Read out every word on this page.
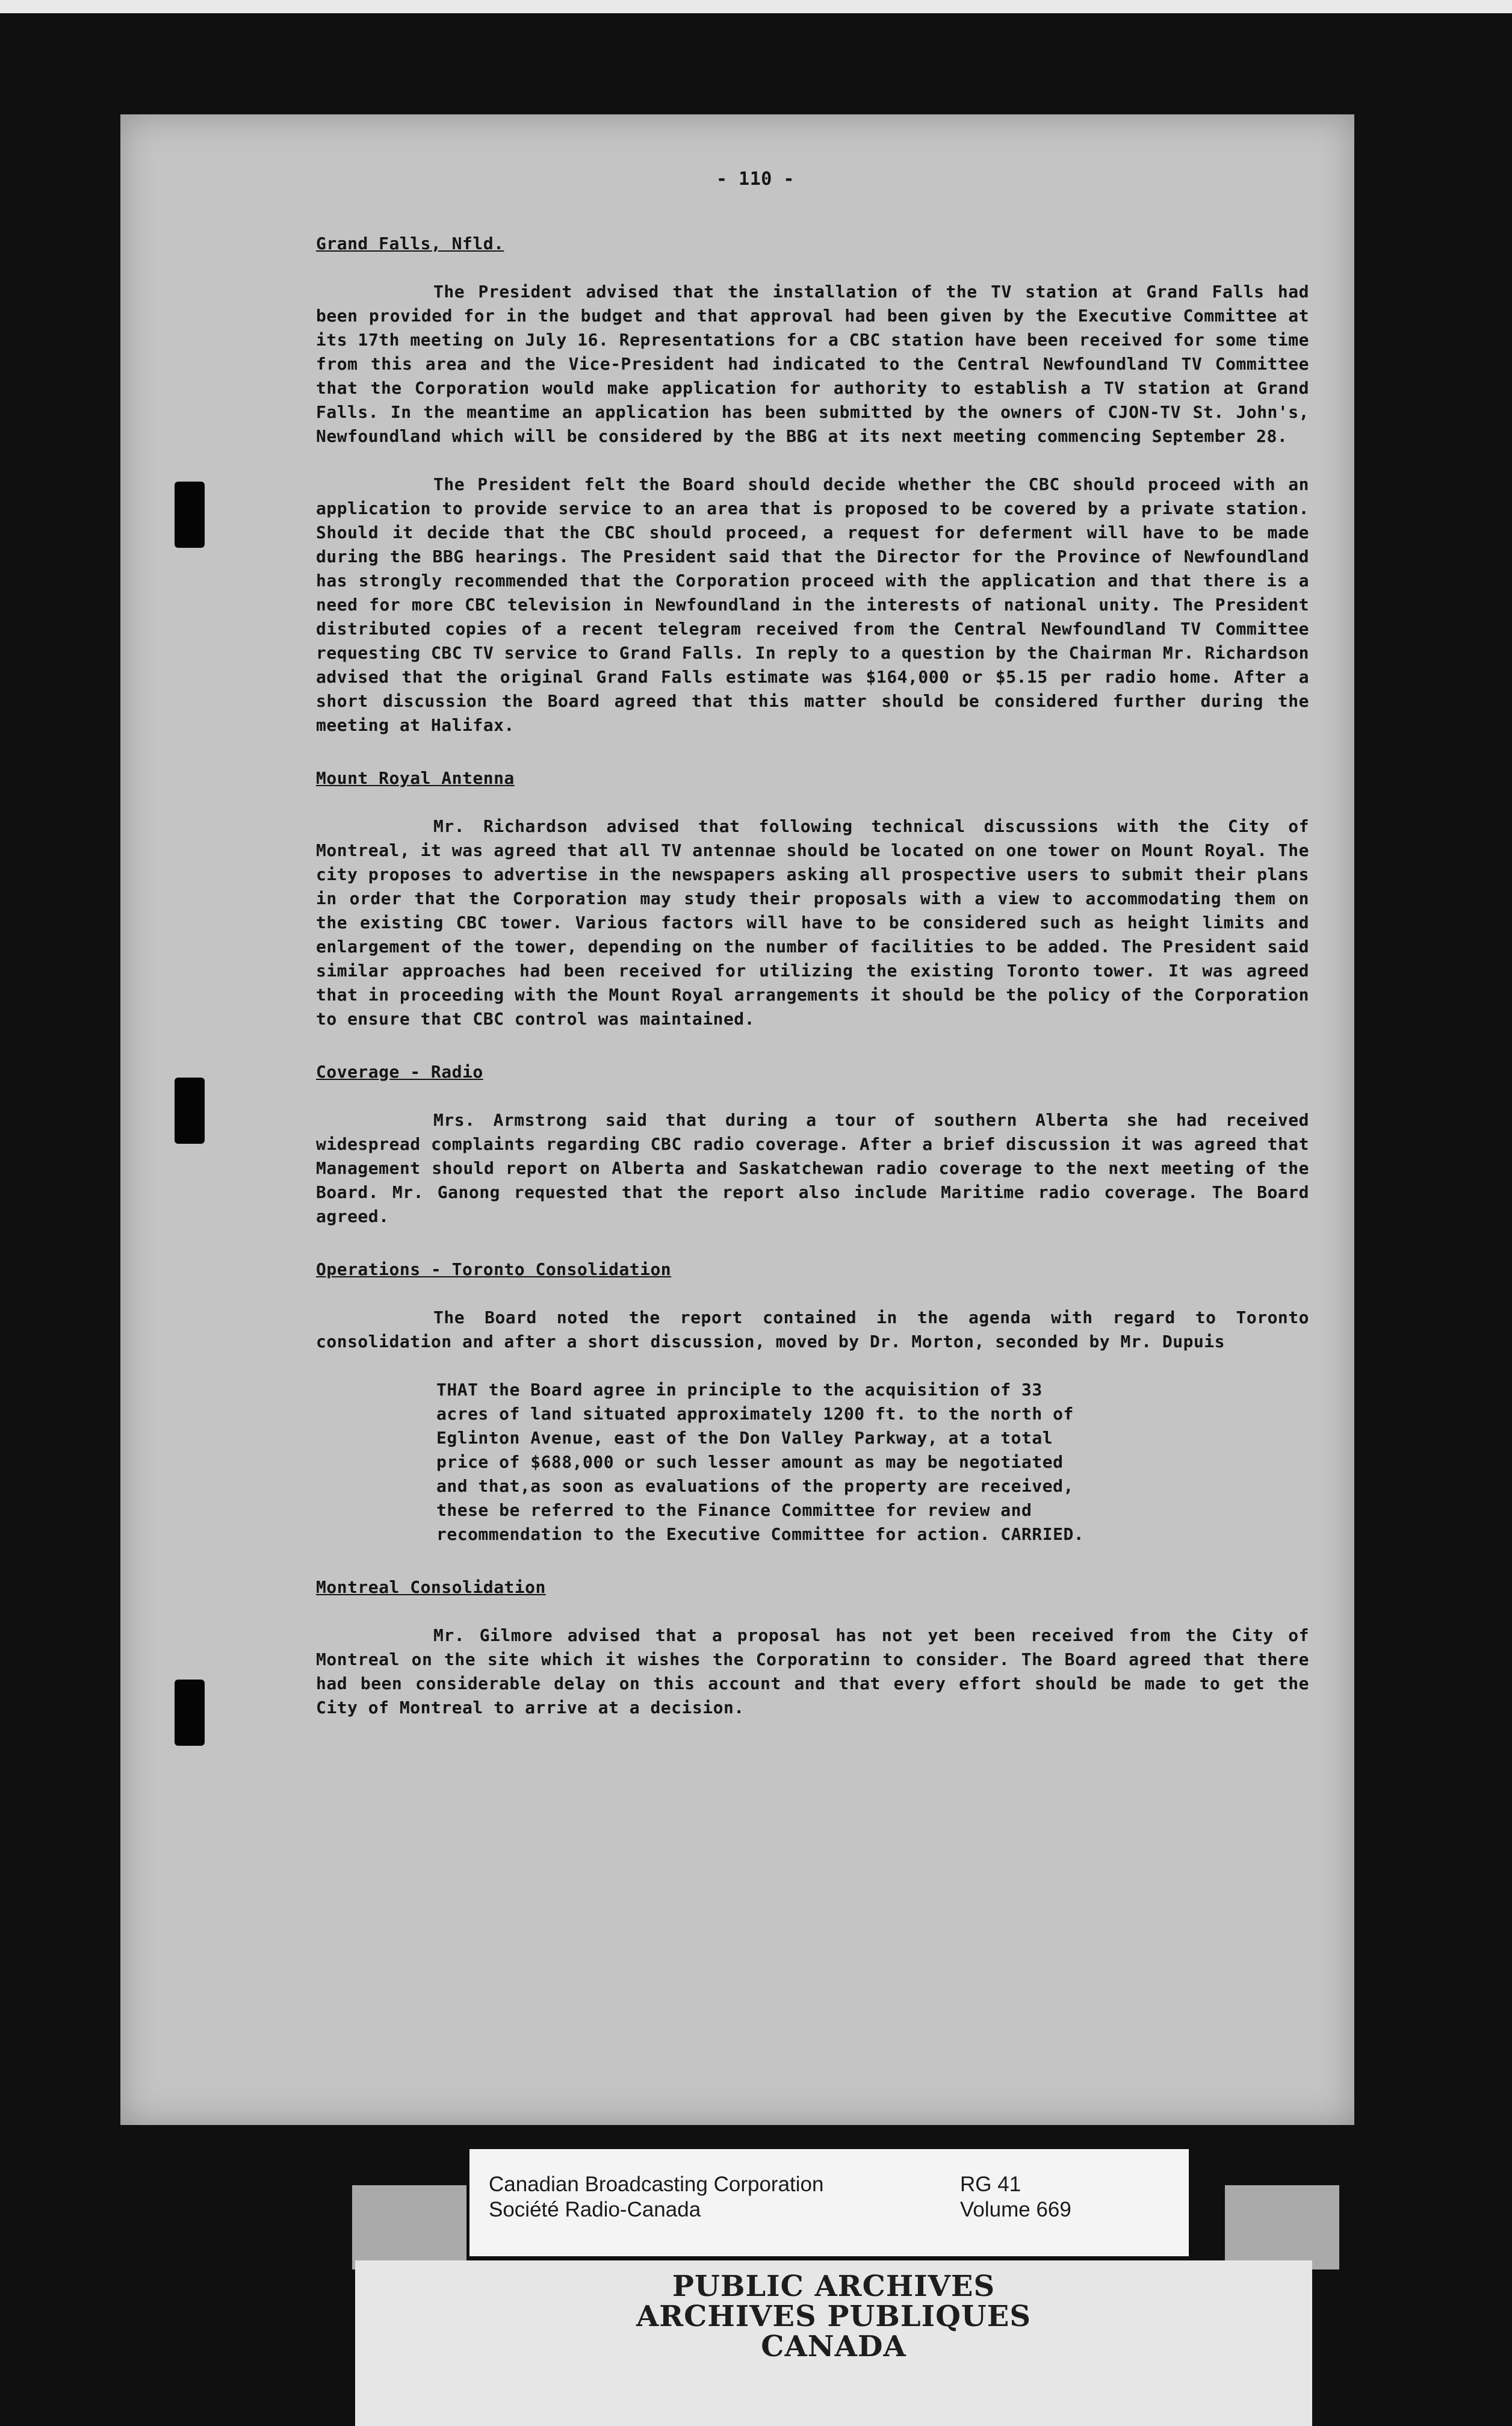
- 110 -
Grand Falls, Nfld.

The President advised that the installation of the TV station at Grand Falls had been provided for in the budget and that approval had been given by the Executive Committee at its 17th meeting on July 16. Representations for a CBC station have been received for some time from this area and the Vice-President had indicated to the Central Newfoundland TV Committee that the Corporation would make application for authority to establish a TV station at Grand Falls. In the meantime an application has been submitted by the owners of CJON-TV St. John's, Newfoundland which will be considered by the BBG at its next meeting commencing September 28.

The President felt the Board should decide whether the CBC should proceed with an application to provide service to an area that is proposed to be covered by a private station. Should it decide that the CBC should proceed, a request for deferment will have to be made during the BBG hearings. The President said that the Director for the Province of Newfoundland has strongly recommended that the Corporation proceed with the application and that there is a need for more CBC television in Newfoundland in the interests of national unity. The President distributed copies of a recent telegram received from the Central Newfoundland TV Committee requesting CBC TV service to Grand Falls. In reply to a question by the Chairman Mr. Richardson advised that the original Grand Falls estimate was $164,000 or $5.15 per radio home. After a short discussion the Board agreed that this matter should be considered further during the meeting at Halifax.

Mount Royal Antenna

Mr. Richardson advised that following technical discussions with the City of Montreal, it was agreed that all TV antennae should be located on one tower on Mount Royal. The city proposes to advertise in the newspapers asking all prospective users to submit their plans in order that the Corporation may study their proposals with a view to accommodating them on the existing CBC tower. Various factors will have to be considered such as height limits and enlargement of the tower, depending on the number of facilities to be added. The President said similar approaches had been received for utilizing the existing Toronto tower. It was agreed that in proceeding with the Mount Royal arrangements it should be the policy of the Corporation to ensure that CBC control was maintained.

Coverage - Radio

Mrs. Armstrong said that during a tour of southern Alberta she had received widespread complaints regarding CBC radio coverage. After a brief discussion it was agreed that Management should report on Alberta and Saskatchewan radio coverage to the next meeting of the Board. Mr. Ganong requested that the report also include Maritime radio coverage. The Board agreed.

Operations - Toronto Consolidation

The Board noted the report contained in the agenda with regard to Toronto consolidation and after a short discussion, moved by Dr. Morton, seconded by Mr. Dupuis

THAT the Board agree in principle to the acquisition of 33 acres of land situated approximately 1200 ft. to the north of Eglinton Avenue, east of the Don Valley Parkway, at a total price of $688,000 or such lesser amount as may be negotiated and that,as soon as evaluations of the property are received, these be referred to the Finance Committee for review and recommendation to the Executive Committee for action. CARRIED.
Montreal Consolidation

Mr. Gilmore advised that a proposal has not yet been received from the City of Montreal on the site which it wishes the Corporatinn to consider. The Board agreed that there had been considerable delay on this account and that every effort should be made to get the City of Montreal to arrive at a decision.

Canadian Broadcasting Corporation
Société Radio-Canada
RG 41
Volume 669
PUBLIC ARCHIVES
ARCHIVES PUBLIQUES
CANADA
